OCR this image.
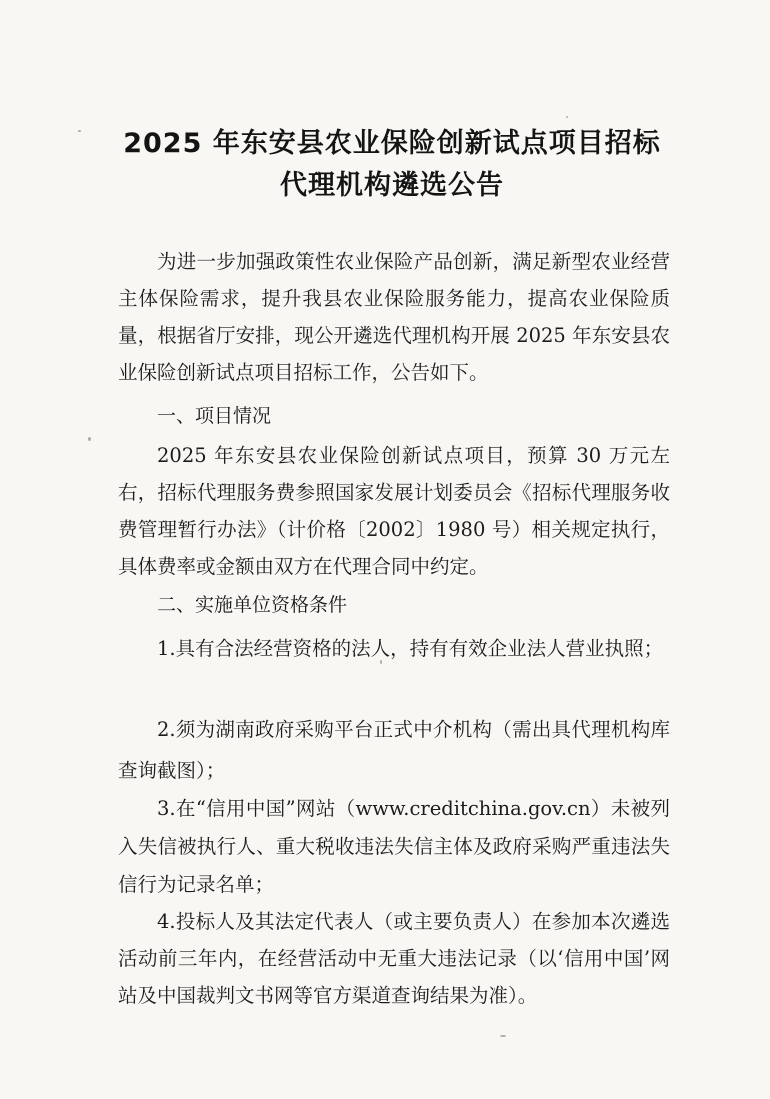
2025 年东安县农业保险创新试点项目招标
代理机构遴选公告
为进一步加强政策性农业保险产品创新，满足新型农业经营主体保险需求，提升我县农业保险服务能力，提高农业保险质量，根据省厅安排，现公开遴选代理机构开展 2025 年东安县农业保险创新试点项目招标工作，公告如下。
一、项目情况
2025 年东安县农业保险创新试点项目，预算 30 万元左右，招标代理服务费参照国家发展计划委员会《招标代理服务收费管理暂行办法》（计价格〔2002〕1980 号）相关规定执行，具体费率或金额由双方在代理合同中约定。
二、实施单位资格条件
1.具有合法经营资格的法人，持有有效企业法人营业执照；
2.须为湖南政府采购平台正式中介机构（需出具代理机构库查询截图）；
3.在“信用中国”网站（www.creditchina.gov.cn）未被列入失信被执行人、重大税收违法失信主体及政府采购严重违法失信行为记录名单；
4.投标人及其法定代表人（或主要负责人）在参加本次遴选活动前三年内，在经营活动中无重大违法记录（以‘信用中国’网站及中国裁判文书网等官方渠道查询结果为准）。
